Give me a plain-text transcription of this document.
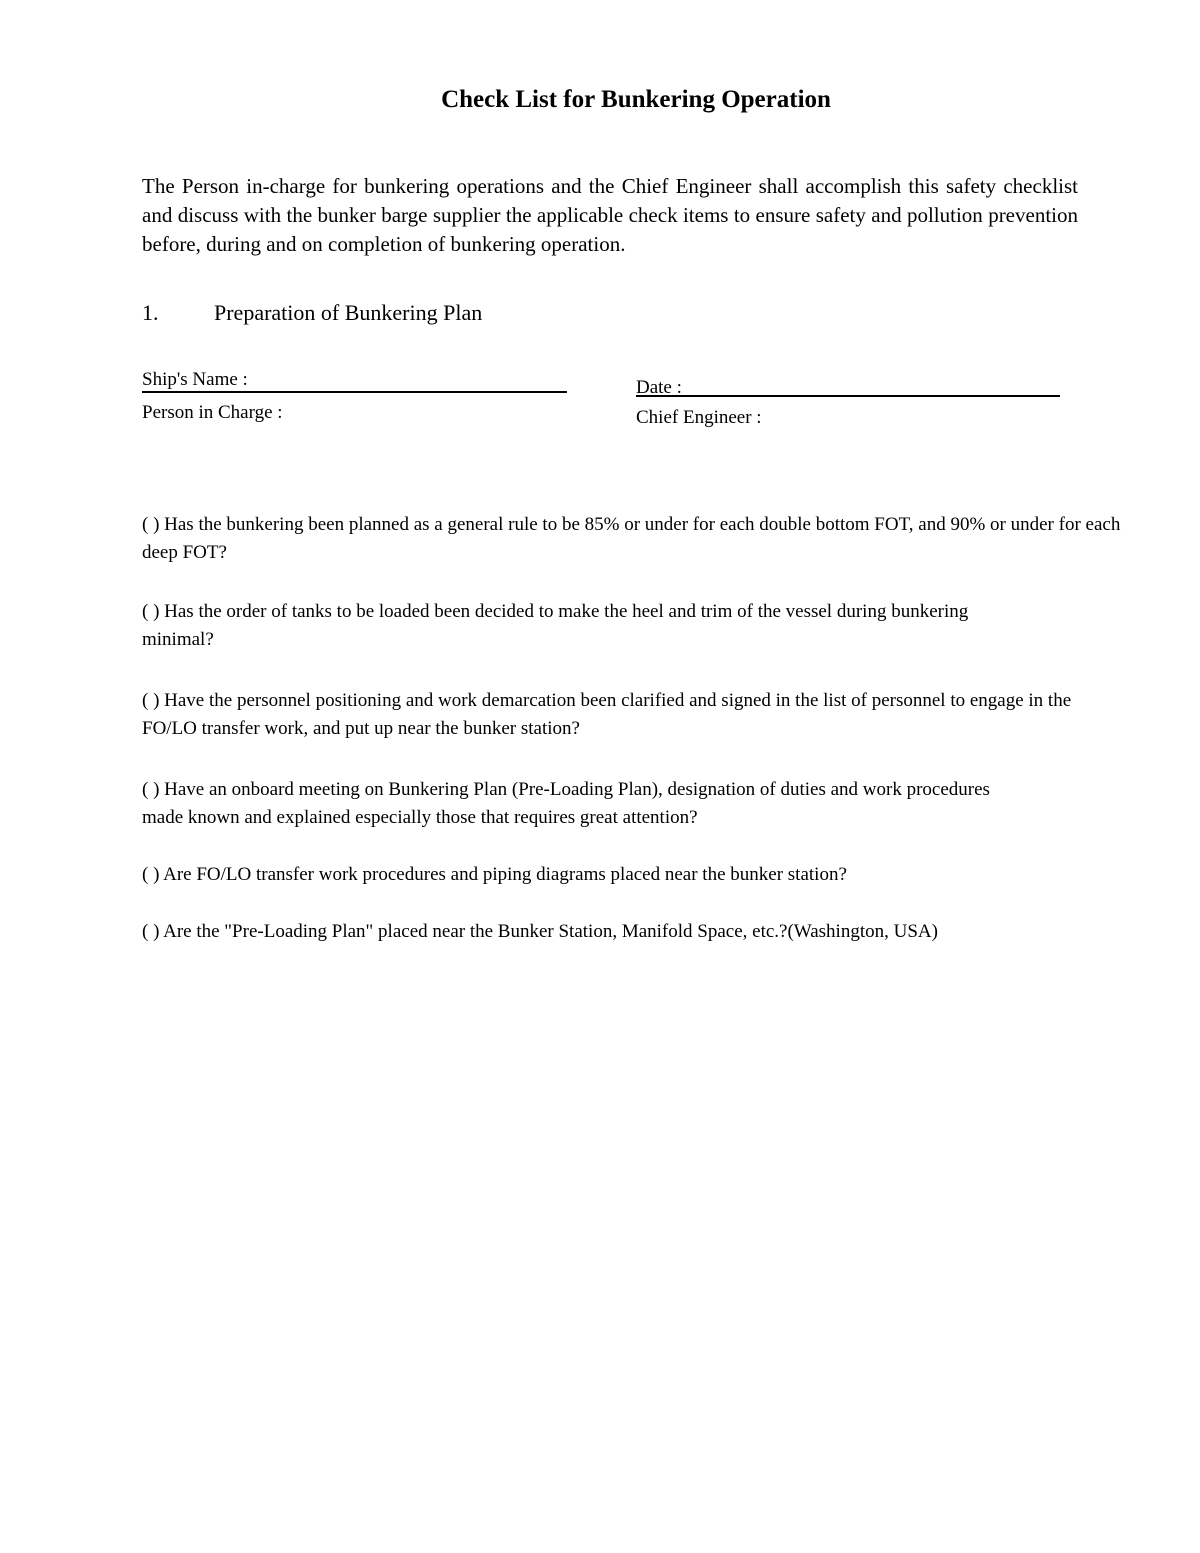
Check List for Bunkering Operation
The Person in-charge for bunkering operations and the Chief Engineer shall accomplish this safety checklist and discuss with the bunker barge supplier the applicable check items to ensure safety and pollution prevention before, during and on completion of bunkering operation.
1.	Preparation of Bunkering Plan
Ship's Name :	Date :
Person in Charge :	Chief Engineer :
( ) Has the bunkering been planned as a general rule to be 85% or under for each double bottom FOT, and 90% or under for each deep FOT?
( ) Has the order of tanks to be loaded been decided to make the heel and trim of the vessel during bunkering minimal?
( ) Have the personnel positioning and work demarcation been clarified and signed in the list of personnel to engage in the FO/LO transfer work, and put up near the bunker station?
( ) Have an onboard meeting on Bunkering Plan (Pre-Loading Plan), designation of duties and work procedures made known and explained especially those that requires great attention?
( ) Are FO/LO transfer work procedures and piping diagrams placed near the bunker station?
( ) Are the "Pre-Loading Plan" placed near the Bunker Station, Manifold Space, etc.?(Washington, USA)
